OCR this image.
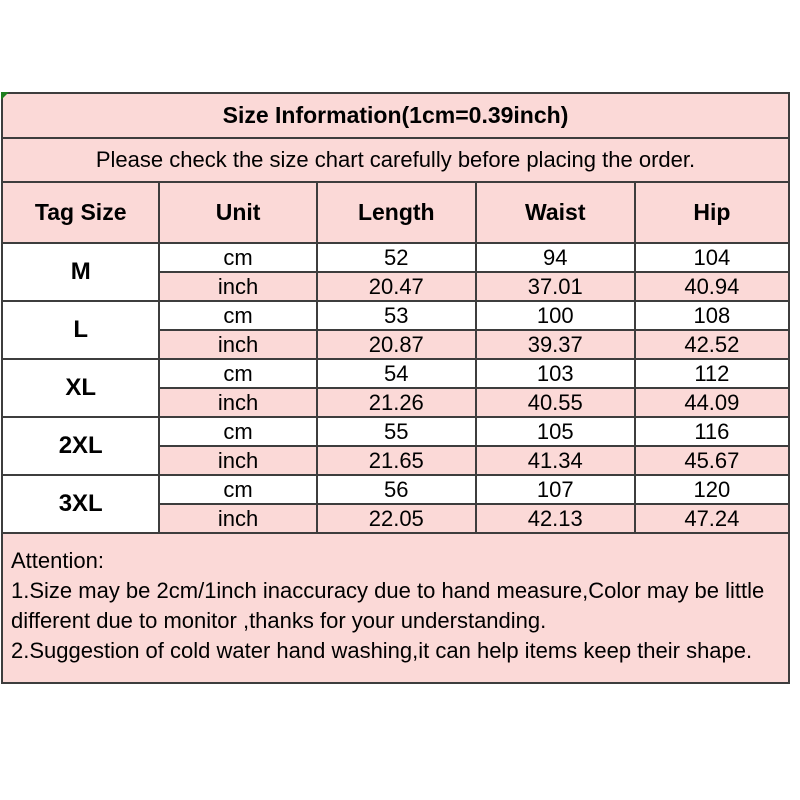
Size Information(1cm=0.39inch)				
Please check the size chart carefully before placing the order.				
Tag Size	Unit	Length	Waist	Hip
M	cm	52	94	104
	inch	20.47	37.01	40.94
L	cm	53	100	108
	inch	20.87	39.37	42.52
XL	cm	54	103	112
	inch	21.26	40.55	44.09
2XL	cm	55	105	116
	inch	21.65	41.34	45.67
3XL	cm	56	107	120
	inch	22.05	42.13	47.24

Attention:
1.Size may be 2cm/1inch inaccuracy due to hand measure,Color may be little different due to monitor ,thanks for your understanding.
2.Suggestion of cold water hand washing,it can help items keep their shape.				
